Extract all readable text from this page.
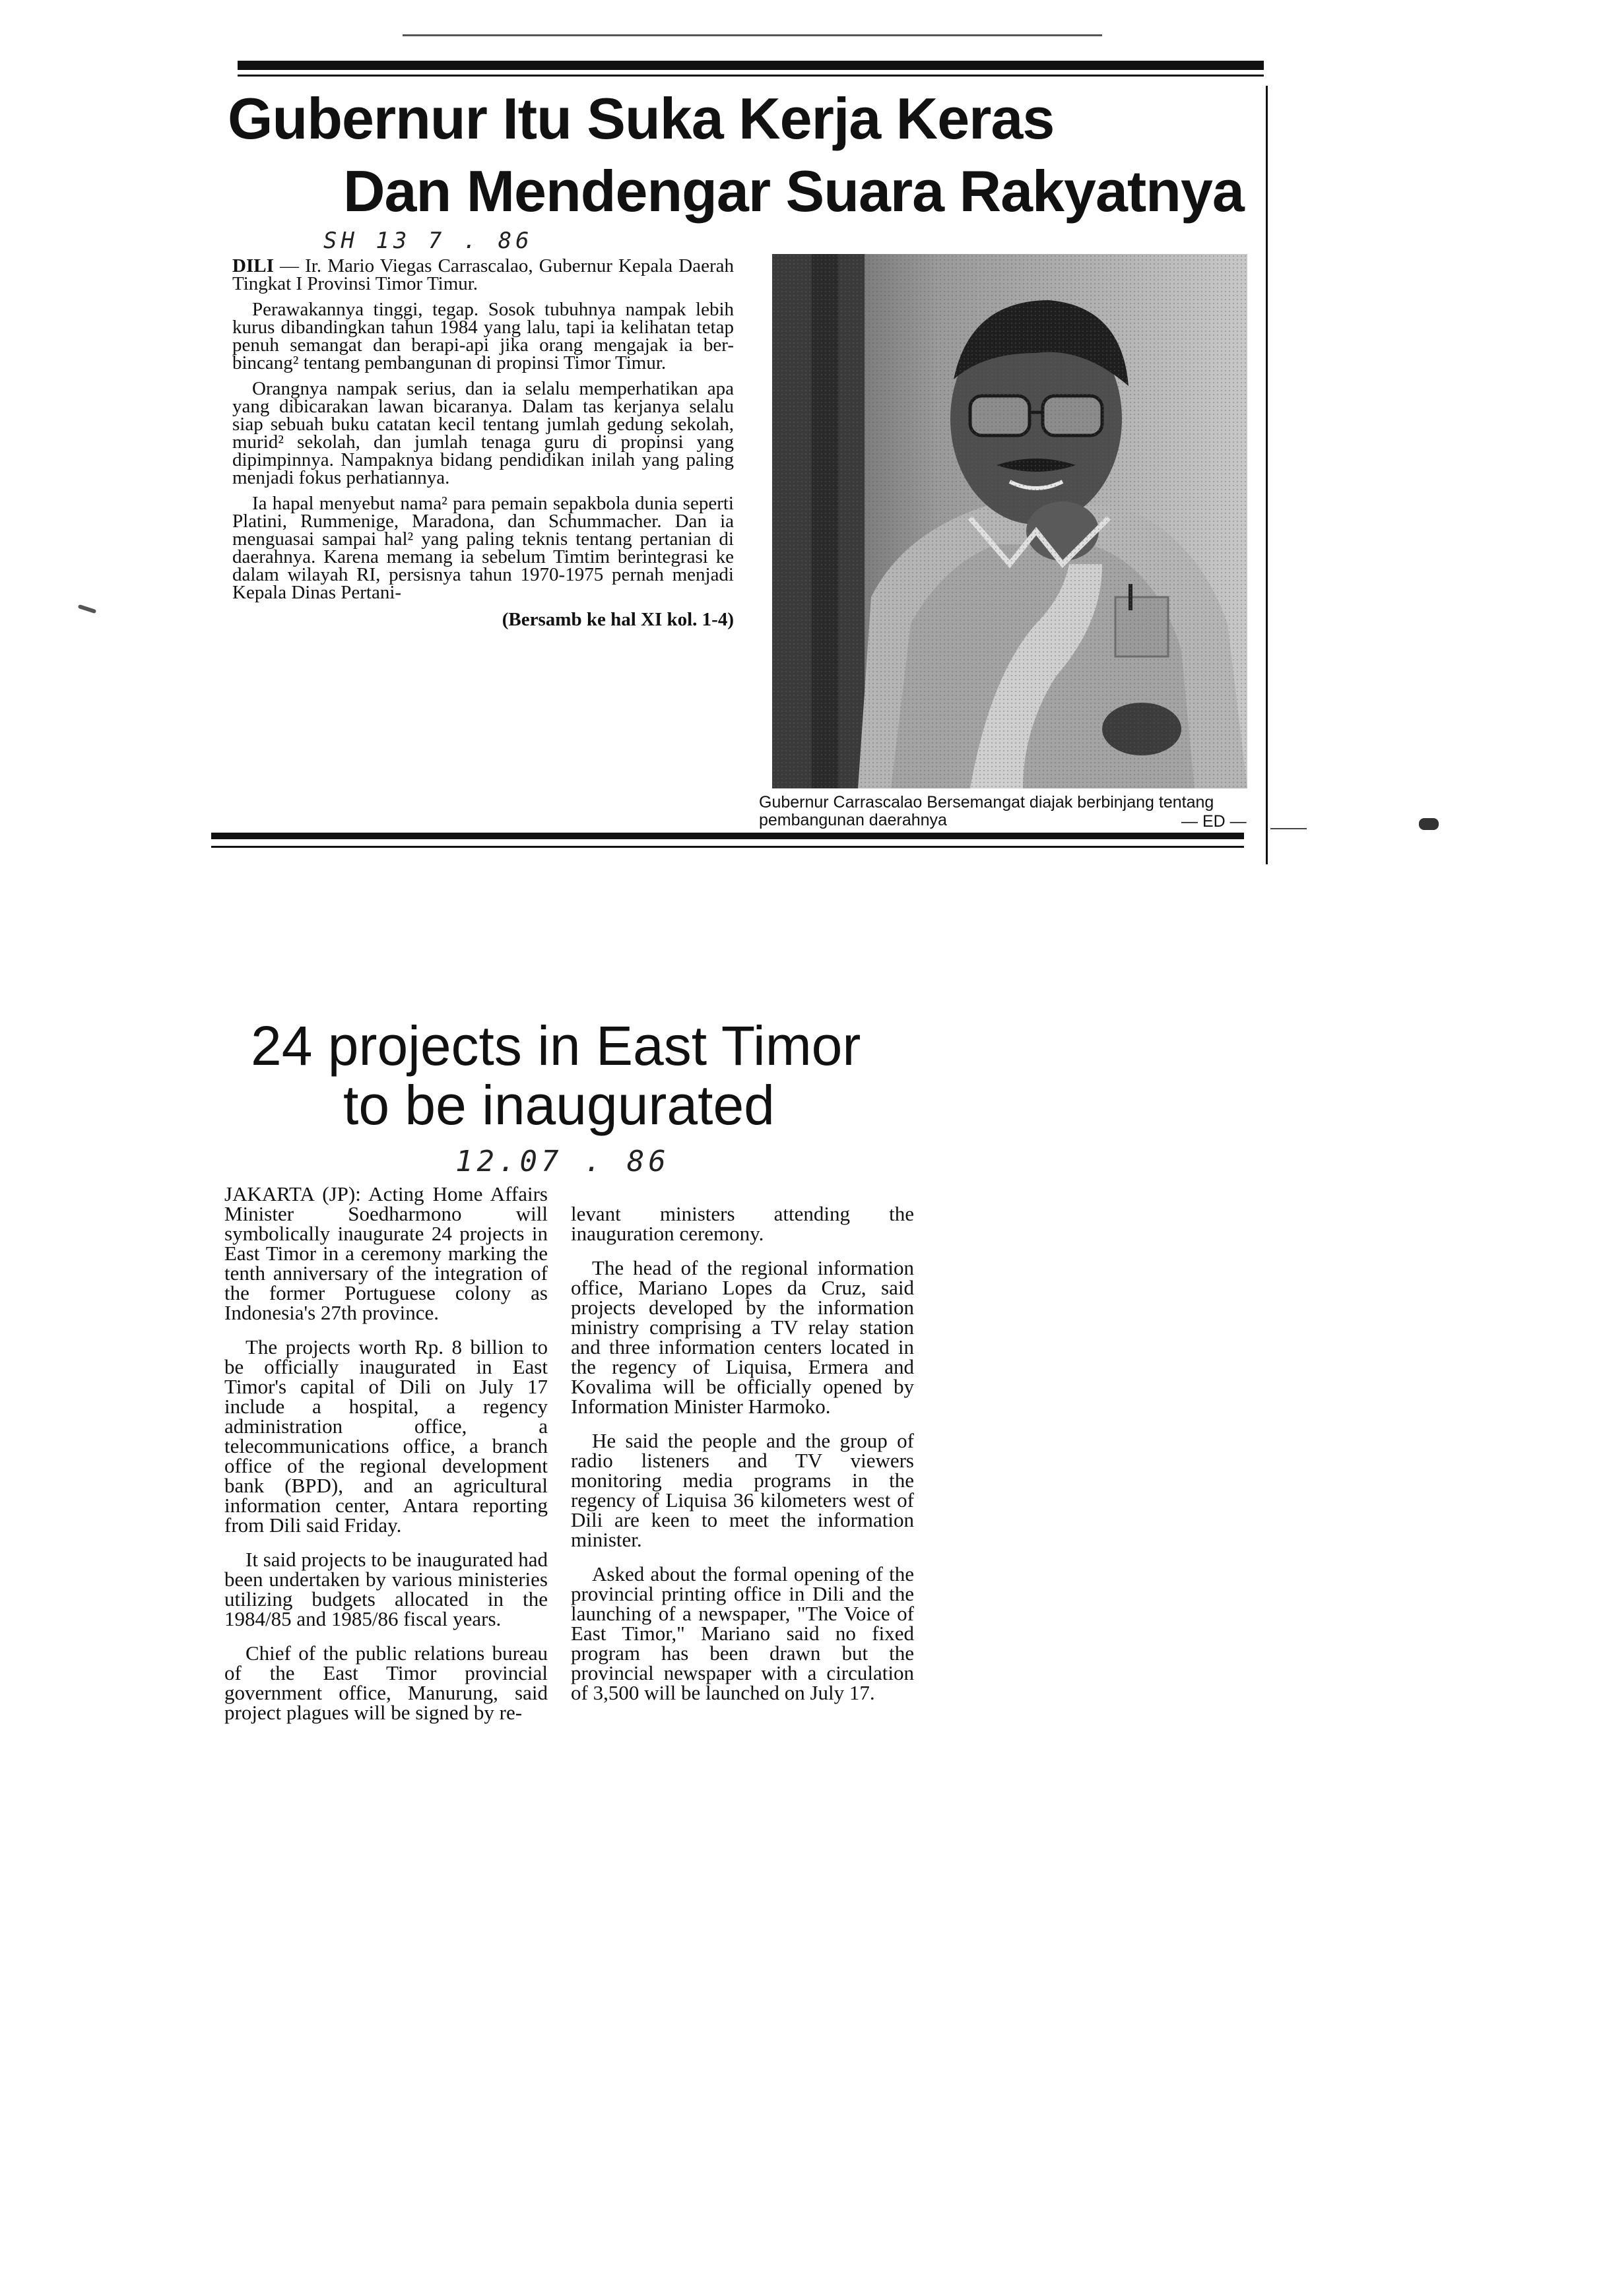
Gubernur Itu Suka Kerja Keras
Dan Mendengar Suara Rakyatnya
SH 13 7 . 86

DILI — Ir. Mario Viegas Carrascalao, Gubernur Kepala Daerah Tingkat I Provinsi Timor Timur.

Perawakannya tinggi, tegap. Sosok tubuhnya nampak lebih kurus dibandingkan tahun 1984 yang lalu, tapi ia kelihatan tetap penuh semangat dan berapi-api jika orang mengajak ia ber-bincang² tentang pembangunan di propinsi Timor Timur.

Orangnya nampak serius, dan ia selalu memperhatikan apa yang dibicarakan lawan bicaranya. Dalam tas kerjanya selalu siap sebuah buku catatan kecil tentang jumlah gedung sekolah, murid² sekolah, dan jumlah tenaga guru di propinsi yang dipimpinnya. Nampaknya bidang pendidikan inilah yang paling menjadi fokus perhatiannya.

Ia hapal menyebut nama² para pemain sepakbola dunia seperti Platini, Rummenige, Maradona, dan Schummacher. Dan ia menguasai sampai hal² yang paling teknis tentang pertanian di daerahnya. Karena memang ia sebelum Timtim berintegrasi ke dalam wilayah RI, persisnya tahun 1970-1975 pernah menjadi Kepala Dinas Pertani-

(Bersamb ke hal XI kol. 1-4)
Gubernur Carrascalao Bersemangat diajak berbinjang tentang pembangunan daerahnya	— ED —
24 projects in East Timor
to be inaugurated
12.07 . 86

JAKARTA (JP): Acting Home Affairs Minister Soedharmono will symbolically inaugurate 24 projects in East Timor in a ceremony marking the tenth anniversary of the integration of the former Portuguese colony as Indonesia's 27th province.

The projects worth Rp. 8 billion to be officially inaugurated in East Timor's capital of Dili on July 17 include a hospital, a regency administration office, a telecommunications office, a branch office of the regional development bank (BPD), and an agricultural information center, Antara reporting from Dili said Friday.

It said projects to be inaugurated had been undertaken by various ministeries utilizing budgets allocated in the 1984/85 and 1985/86 fiscal years.

Chief of the public relations bureau of the East Timor provincial government office, Manurung, said project plagues will be signed by re-

levant ministers attending the inauguration ceremony.

The head of the regional information office, Mariano Lopes da Cruz, said projects developed by the information ministry comprising a TV relay station and three information centers located in the regency of Liquisa, Ermera and Kovalima will be officially opened by Information Minister Harmoko.

He said the people and the group of radio listeners and TV viewers monitoring media programs in the regency of Liquisa 36 kilometers west of Dili are keen to meet the information minister.

Asked about the formal opening of the provincial printing office in Dili and the launching of a newspaper, "The Voice of East Timor," Mariano said no fixed program has been drawn but the provincial newspaper with a circulation of 3,500 will be launched on July 17.
